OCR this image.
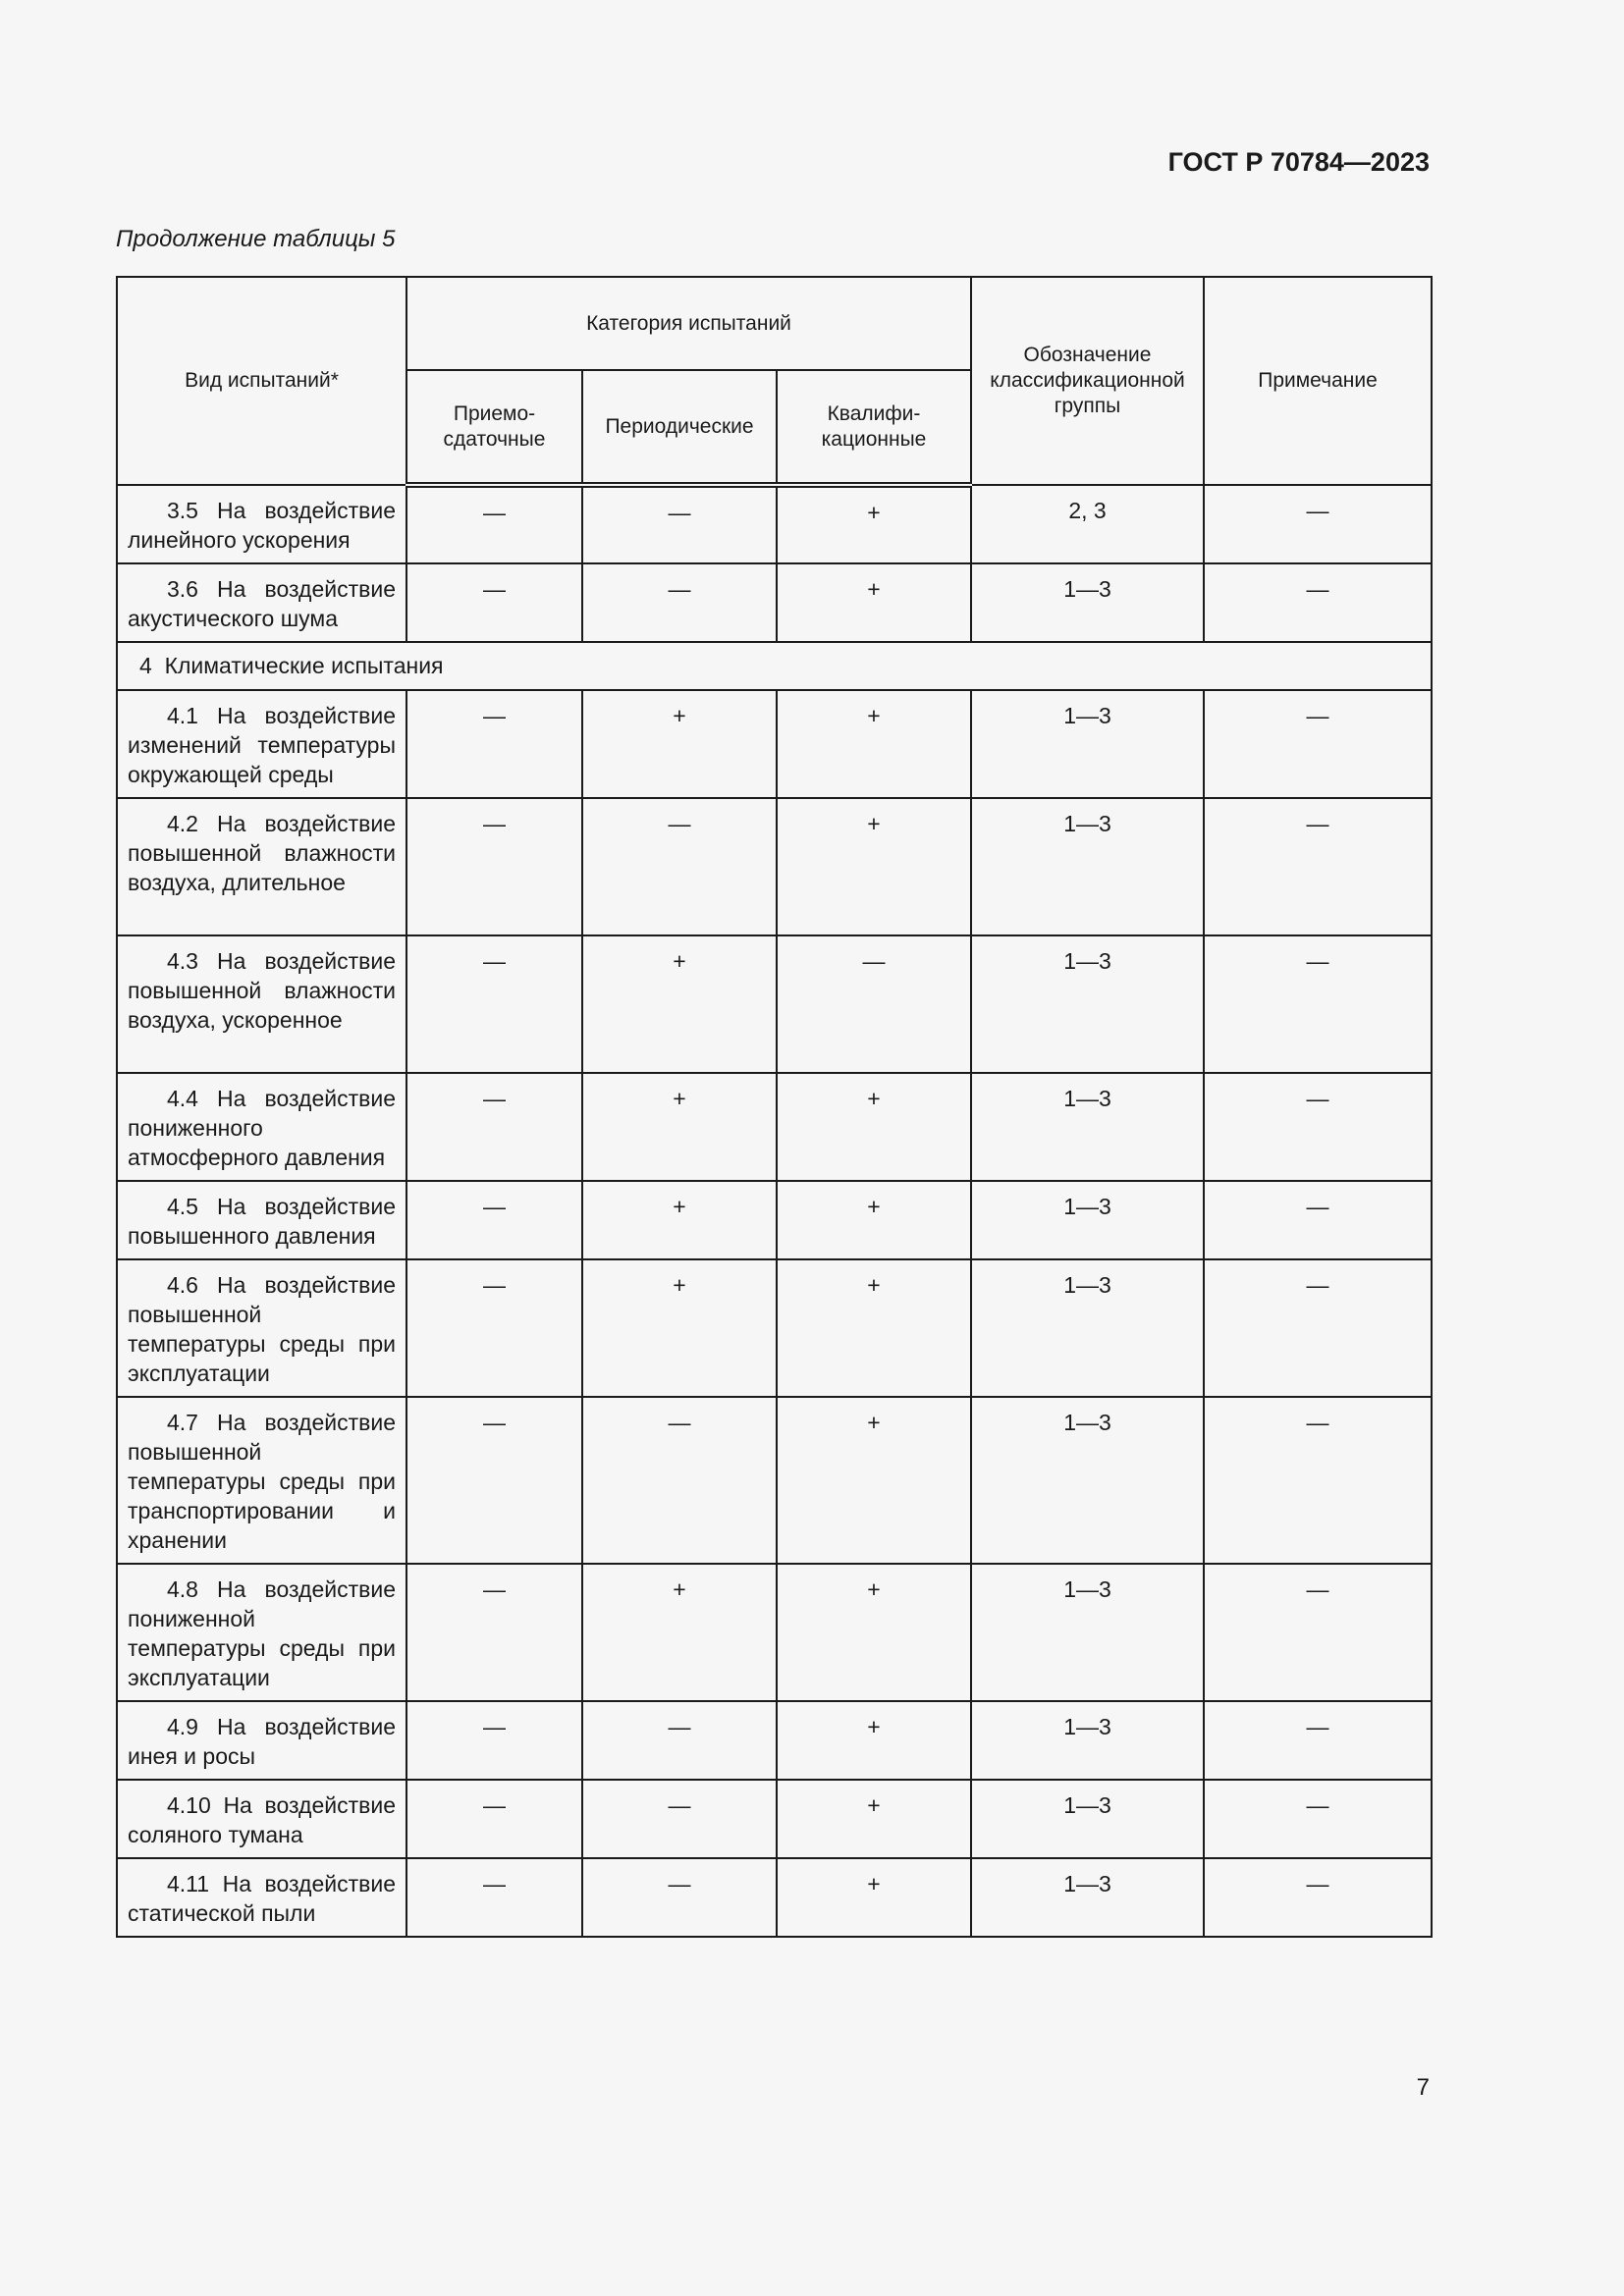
ГОСТ Р 70784—2023
Продолжение таблицы 5
Вид испытаний*	Категория испытаний			Обозначение классификационной группы	Примечание
	Приемо-сдаточные	Периодические	Квалифи-кационные		
3.5 На воздействие линейного ускорения	—	—	+	2, 3	—
3.6 На воздействие акустического шума	—	—	+	1—3	—
4 Климатические испытания					
4.1 На воздействие изменений температуры окружающей среды	—	+	+	1—3	—
4.2 На воздействие повышенной влажности воздуха, длительное	—	—	+	1—3	—
4.3 На воздействие повышенной влажности воздуха, ускоренное	—	+	—	1—3	—
4.4 На воздействие пониженного атмосферного давления	—	+	+	1—3	—
4.5 На воздействие повышенного давления	—	+	+	1—3	—
4.6 На воздействие повышенной температуры среды при эксплуатации	—	+	+	1—3	—
4.7 На воздействие повышенной температуры среды при транспортировании и хранении	—	—	+	1—3	—
4.8 На воздействие пониженной температуры среды при эксплуатации	—	+	+	1—3	—
4.9 На воздействие инея и росы	—	—	+	1—3	—
4.10 На воздействие соляного тумана	—	—	+	1—3	—
4.11 На воздействие статической пыли	—	—	+	1—3	—
7
